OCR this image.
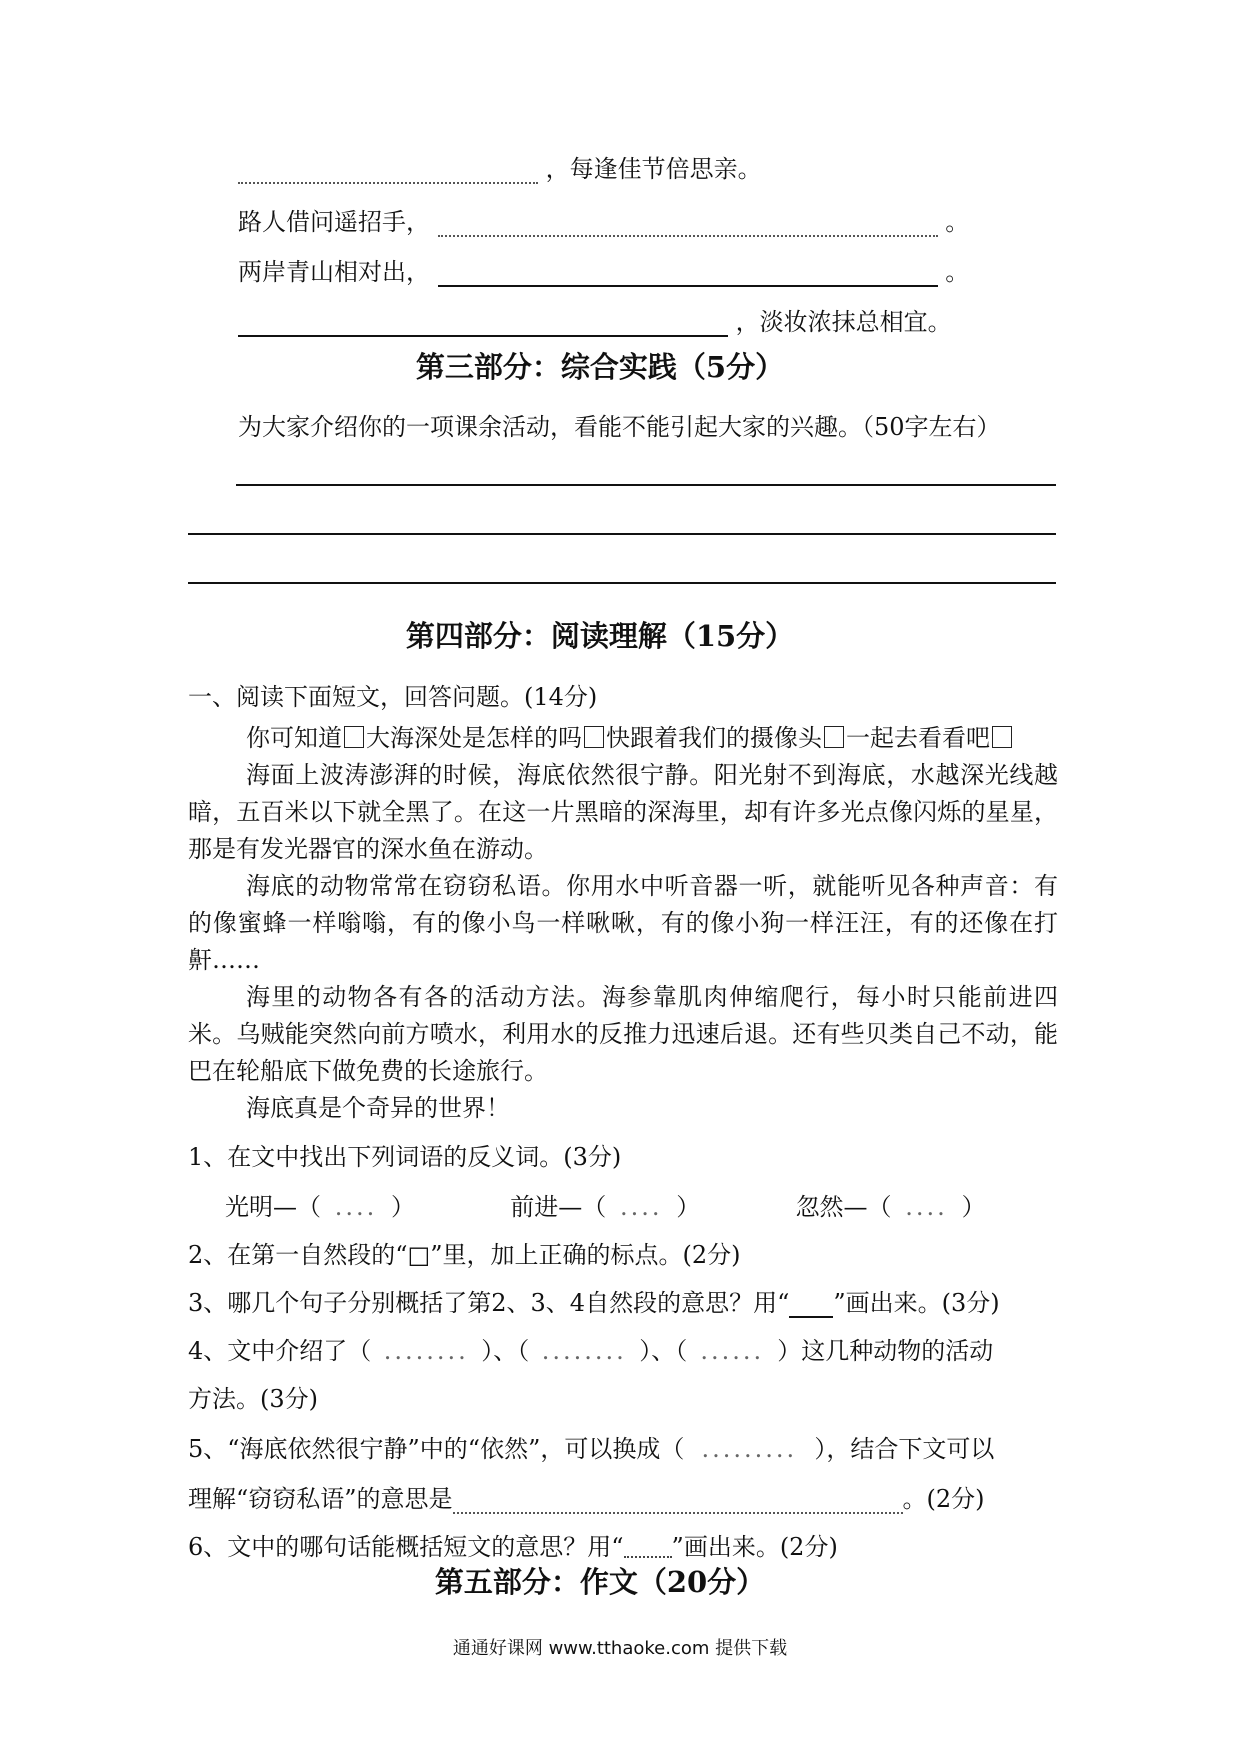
，每逢佳节倍思亲。
路人借问遥招手，	。
两岸青山相对出，	。
，淡妆浓抹总相宜。
第三部分：综合实践（5分）
为大家介绍你的一项课余活动，看能不能引起大家的兴趣。（50字左右）
第四部分：阅读理解（15分）
一、阅读下面短文，回答问题。(14分)
你可知道 大海深处是怎样的吗 快跟着我们的摄像头 一起去看看吧
海面上波涛澎湃的时候，海底依然很宁静。阳光射不到海底，水越深光线越暗，五百米以下就全黑了。在这一片黑暗的深海里，却有许多光点像闪烁的星星，那是有发光器官的深水鱼在游动。
海底的动物常常在窃窃私语。你用水中听音器一听，就能听见各种声音：有的像蜜蜂一样嗡嗡，有的像小鸟一样啾啾，有的像小狗一样汪汪，有的还像在打鼾……
海里的动物各有各的活动方法。海参靠肌肉伸缩爬行，每小时只能前进四米。乌贼能突然向前方喷水，利用水的反推力迅速后退。还有些贝类自己不动，能巴在轮船底下做免费的长途旅行。
海底真是个奇异的世界！
1、在文中找出下列词语的反义词。(3分)
光明—（ .... ）	前进—（ .... ）	忽然—（ .... ）
2、在第一自然段的“□”里，加上正确的标点。(2分)
3、哪几个句子分别概括了第2、3、4自然段的意思？用“ ”画出来。(3分)
4、文中介绍了（ ........ ）、（ ........ ）、（ ...... ）这几种动物的活动
方法。(3分)
5、“海底依然很宁静”中的“依然”，可以换成（ ......... ），结合下文可以
理解“窃窃私语”的意思是	。(2分)
6、文中的哪句话能概括短文的意思？用“ ”画出来。(2分)
第五部分：作文（20分）
通通好课网 www.tthaoke.com 提供下载
